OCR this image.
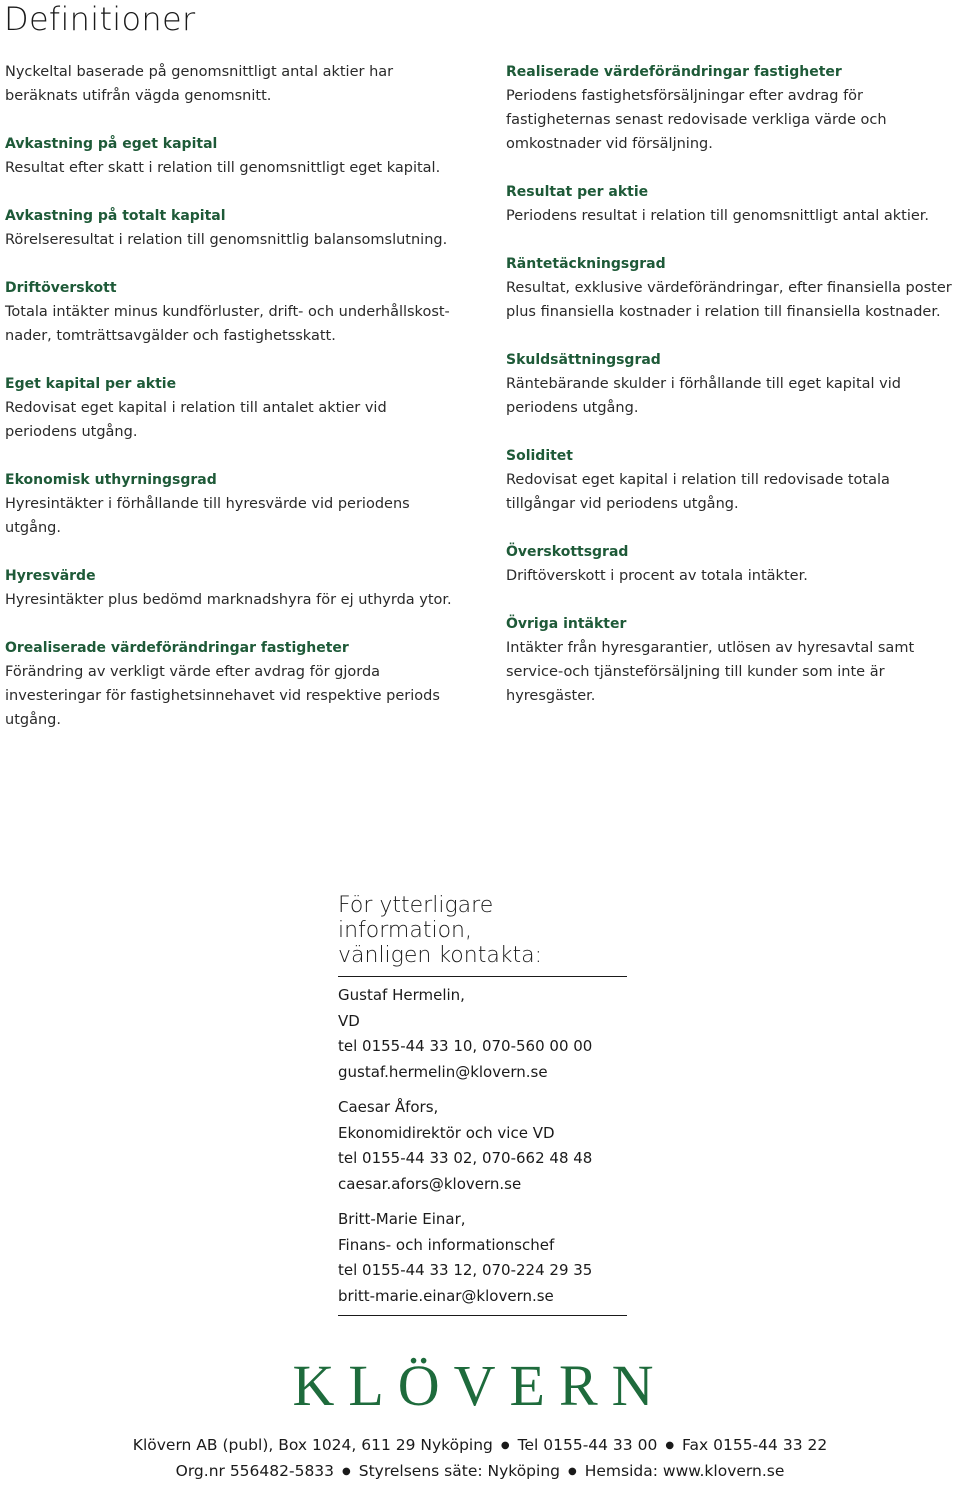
Definitioner
Nyckeltal baserade på genomsnittligt antal aktier har beräknats utifrån vägda genomsnitt.
Avkastning på eget kapital
Resultat efter skatt i relation till genomsnittligt eget kapital.
Avkastning på totalt kapital
Rörelseresultat i relation till genomsnittlig balansomslutning.
Driftöverskott
Totala intäkter minus kundförluster, drift- och underhållskost-nader, tomträttsavgälder och fastighetsskatt.
Eget kapital per aktie
Redovisat eget kapital i relation till antalet aktier vid periodens utgång.
Ekonomisk uthyrningsgrad
Hyresintäkter i förhållande till hyresvärde vid periodens utgång.
Hyresvärde
Hyresintäkter plus bedömd marknadshyra för ej uthyrda ytor.
Orealiserade värdeförändringar fastigheter
Förändring av verkligt värde efter avdrag för gjorda investeringar för fastighetsinnehavet vid respektive periods utgång.
Realiserade värdeförändringar fastigheter
Periodens fastighetsförsäljningar efter avdrag för fastigheternas senast redovisade verkliga värde och omkostnader vid försäljning.
Resultat per aktie
Periodens resultat i relation till genomsnittligt antal aktier.
Räntetäckningsgrad
Resultat, exklusive värdeförändringar, efter finansiella poster plus finansiella kostnader i relation till finansiella kostnader.
Skuldsättningsgrad
Räntebärande skulder i förhållande till eget kapital vid periodens utgång.
Soliditet
Redovisat eget kapital i relation till redovisade totala tillgångar vid periodens utgång.
Överskottsgrad
Driftöverskott i procent av totala intäkter.
Övriga intäkter
Intäkter från hyresgarantier, utlösen av hyresavtal samt service-och tjänsteförsäljning till kunder som inte är hyresgäster.
För ytterligare information,
vänligen kontakta:
Gustaf Hermelin,
VD
tel 0155-44 33 10, 070-560 00 00
gustaf.hermelin@klovern.se
Caesar Åfors,
Ekonomidirektör och vice VD
tel 0155-44 33 02, 070-662 48 48
caesar.afors@klovern.se
Britt-Marie Einar,
Finans- och informationschef
tel 0155-44 33 12, 070-224 29 35
britt-marie.einar@klovern.se
KLÖVERN
Klövern AB (publ), Box 1024, 611 29 Nyköping ● Tel 0155-44 33 00 ● Fax 0155-44 33 22
Org.nr 556482-5833 ● Styrelsens säte: Nyköping ● Hemsida: www.klovern.se
